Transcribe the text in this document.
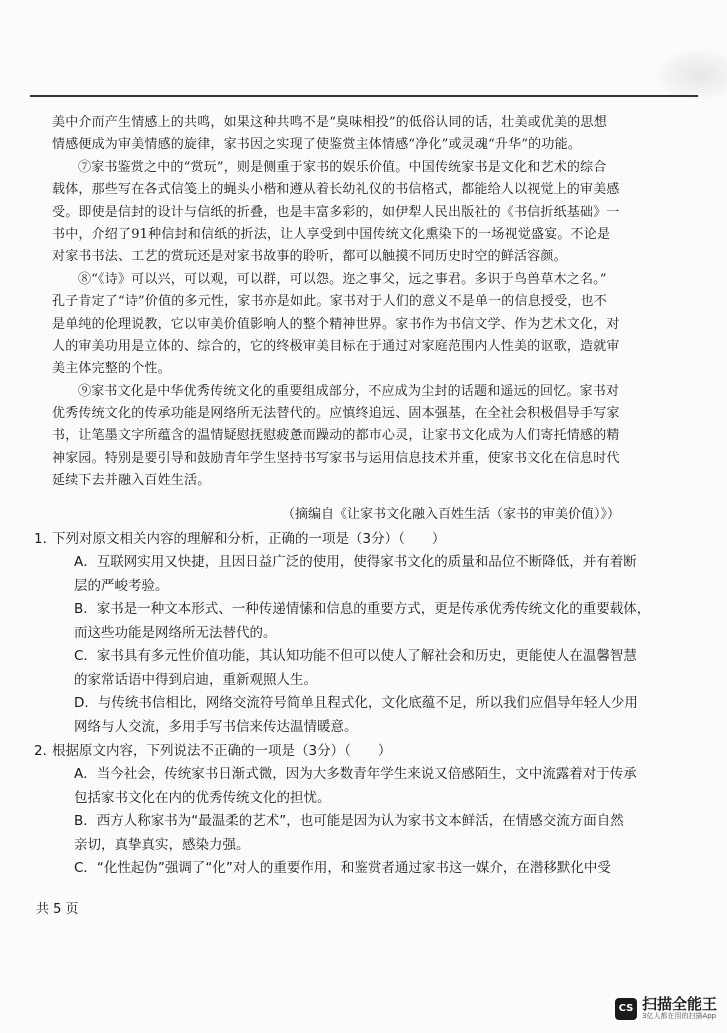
美中介而产生情感上的共鸣，如果这种共鸣不是“臭味相投”的低俗认同的话，壮美或优美的思想
情感便成为审美情感的旋律，家书因之实现了使鉴赏主体情感“净化”或灵魂“升华”的功能。
⑦家书鉴赏之中的“赏玩”，则是侧重于家书的娱乐价值。中国传统家书是文化和艺术的综合
载体，那些写在各式信笺上的蝇头小楷和遵从着长幼礼仪的书信格式，都能给人以视觉上的审美感
受。即使是信封的设计与信纸的折叠，也是丰富多彩的，如伊犁人民出版社的《书信折纸基础》一
书中，介绍了91种信封和信纸的折法，让人享受到中国传统文化熏染下的一场视觉盛宴。不论是
对家书书法、工艺的赏玩还是对家书故事的聆听，都可以触摸不同历史时空的鲜活容颜。
⑧“《诗》可以兴，可以观，可以群，可以怨。迩之事父，远之事君。多识于鸟兽草木之名。”
孔子肯定了“诗”价值的多元性，家书亦是如此。家书对于人们的意义不是单一的信息授受，也不
是单纯的伦理说教，它以审美价值影响人的整个精神世界。家书作为书信文学、作为艺术文化，对
人的审美功用是立体的、综合的，它的终极审美目标在于通过对家庭范围内人性美的讴歌，造就审
美主体完整的个性。
⑨家书文化是中华优秀传统文化的重要组成部分，不应成为尘封的话题和遥远的回忆。家书对
优秀传统文化的传承功能是网络所无法替代的。应慎终追远、固本强基，在全社会积极倡导手写家
书，让笔墨文字所蕴含的温情疑慰抚慰疲惫而躁动的都市心灵，让家书文化成为人们寄托情感的精
神家园。特别是要引导和鼓励青年学生坚持书写家书与运用信息技术并重，使家书文化在信息时代
延续下去并融入百姓生活。
（摘编自《让家书文化融入百姓生活（家书的审美价值）》）
1. 下列对原文相关内容的理解和分析，正确的一项是（3分）（　　）
A．互联网实用又快捷，且因日益广泛的使用，使得家书文化的质量和品位不断降低，并有着断
层的严峻考验。
B．家书是一种文本形式、一种传递情愫和信息的重要方式，更是传承优秀传统文化的重要载体，
而这些功能是网络所无法替代的。
C．家书具有多元性价值功能，其认知功能不但可以使人了解社会和历史，更能使人在温馨智慧
的家常话语中得到启迪，重新观照人生。
D．与传统书信相比，网络交流符号简单且程式化，文化底蕴不足，所以我们应倡导年轻人少用
网络与人交流，多用手写书信来传达温情暖意。
2. 根据原文内容，下列说法不正确的一项是（3分）（　　）
A．当今社会，传统家书日渐式微，因为大多数青年学生来说又倍感陌生，文中流露着对于传承
包括家书文化在内的优秀传统文化的担忧。
B．西方人称家书为“最温柔的艺术”，也可能是因为认为家书文本鲜活，在情感交流方面自然
亲切，真挚真实，感染力强。
C．“化性起伪”强调了“化”对人的重要作用，和鉴赏者通过家书这一媒介，在潜移默化中受
共 5 页
CS 扫描全能王
3亿人都在用的扫描App
